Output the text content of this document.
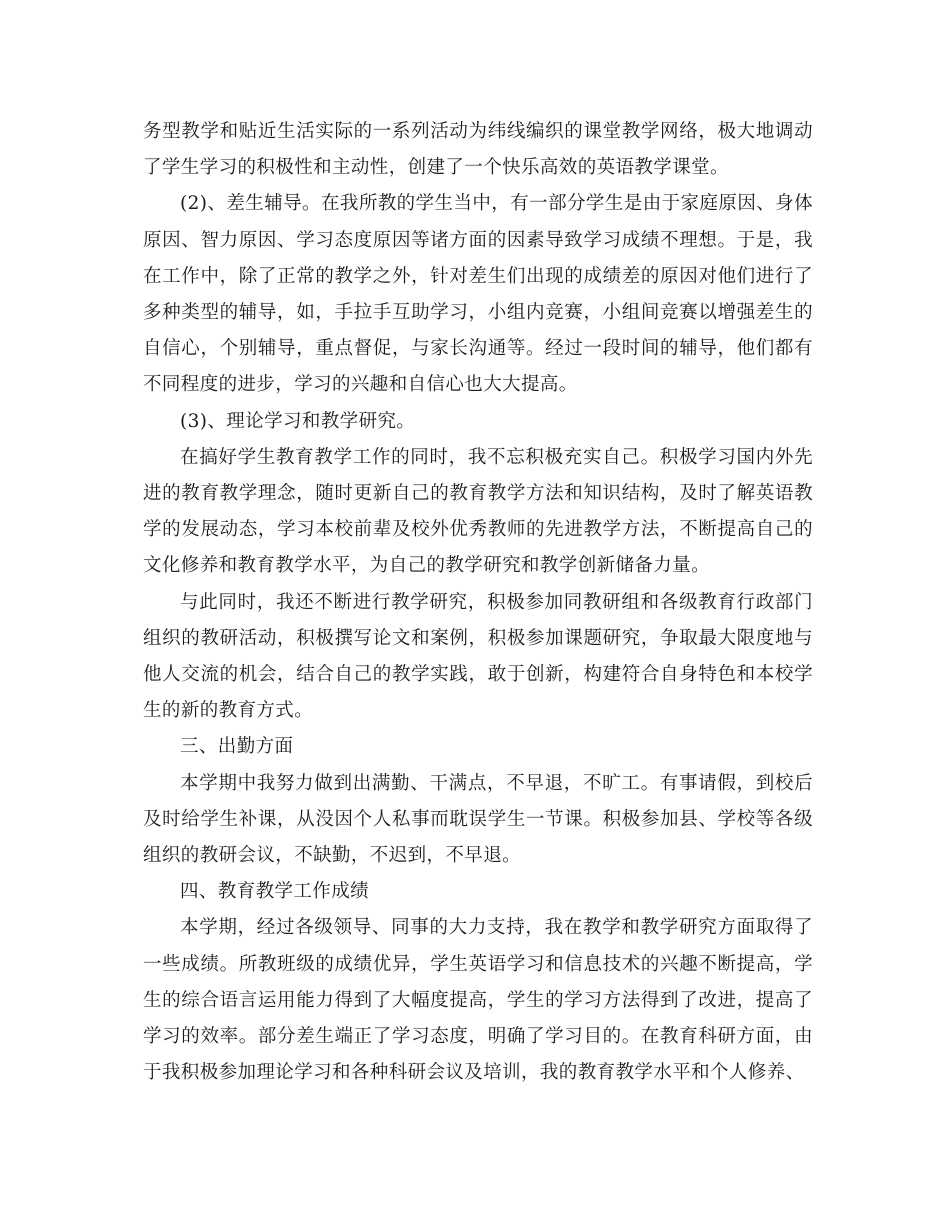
务型教学和贴近生活实际的一系列活动为纬线编织的课堂教学网络，极大地调动了学生学习的积极性和主动性，创建了一个快乐高效的英语教学课堂。

(2)、差生辅导。在我所教的学生当中，有一部分学生是由于家庭原因、身体原因、智力原因、学习态度原因等诸方面的因素导致学习成绩不理想。于是，我在工作中，除了正常的教学之外，针对差生们出现的成绩差的原因对他们进行了多种类型的辅导，如，手拉手互助学习，小组内竞赛，小组间竞赛以增强差生的自信心，个别辅导，重点督促，与家长沟通等。经过一段时间的辅导，他们都有不同程度的进步，学习的兴趣和自信心也大大提高。

(3)、理论学习和教学研究。

在搞好学生教育教学工作的同时，我不忘积极充实自己。积极学习国内外先进的教育教学理念，随时更新自己的教育教学方法和知识结构，及时了解英语教学的发展动态，学习本校前辈及校外优秀教师的先进教学方法，不断提高自己的文化修养和教育教学水平，为自己的教学研究和教学创新储备力量。

与此同时，我还不断进行教学研究，积极参加同教研组和各级教育行政部门组织的教研活动，积极撰写论文和案例，积极参加课题研究，争取最大限度地与他人交流的机会，结合自己的教学实践，敢于创新，构建符合自身特色和本校学生的新的教育方式。

三、出勤方面

本学期中我努力做到出满勤、干满点，不早退，不旷工。有事请假，到校后及时给学生补课，从没因个人私事而耽误学生一节课。积极参加县、学校等各级组织的教研会议，不缺勤，不迟到，不早退。

四、教育教学工作成绩

本学期，经过各级领导、同事的大力支持，我在教学和教学研究方面取得了一些成绩。所教班级的成绩优异，学生英语学习和信息技术的兴趣不断提高，学生的综合语言运用能力得到了大幅度提高，学生的学习方法得到了改进，提高了学习的效率。部分差生端正了学习态度，明确了学习目的。在教育科研方面，由于我积极参加理论学习和各种科研会议及培训，我的教育教学水平和个人修养、
